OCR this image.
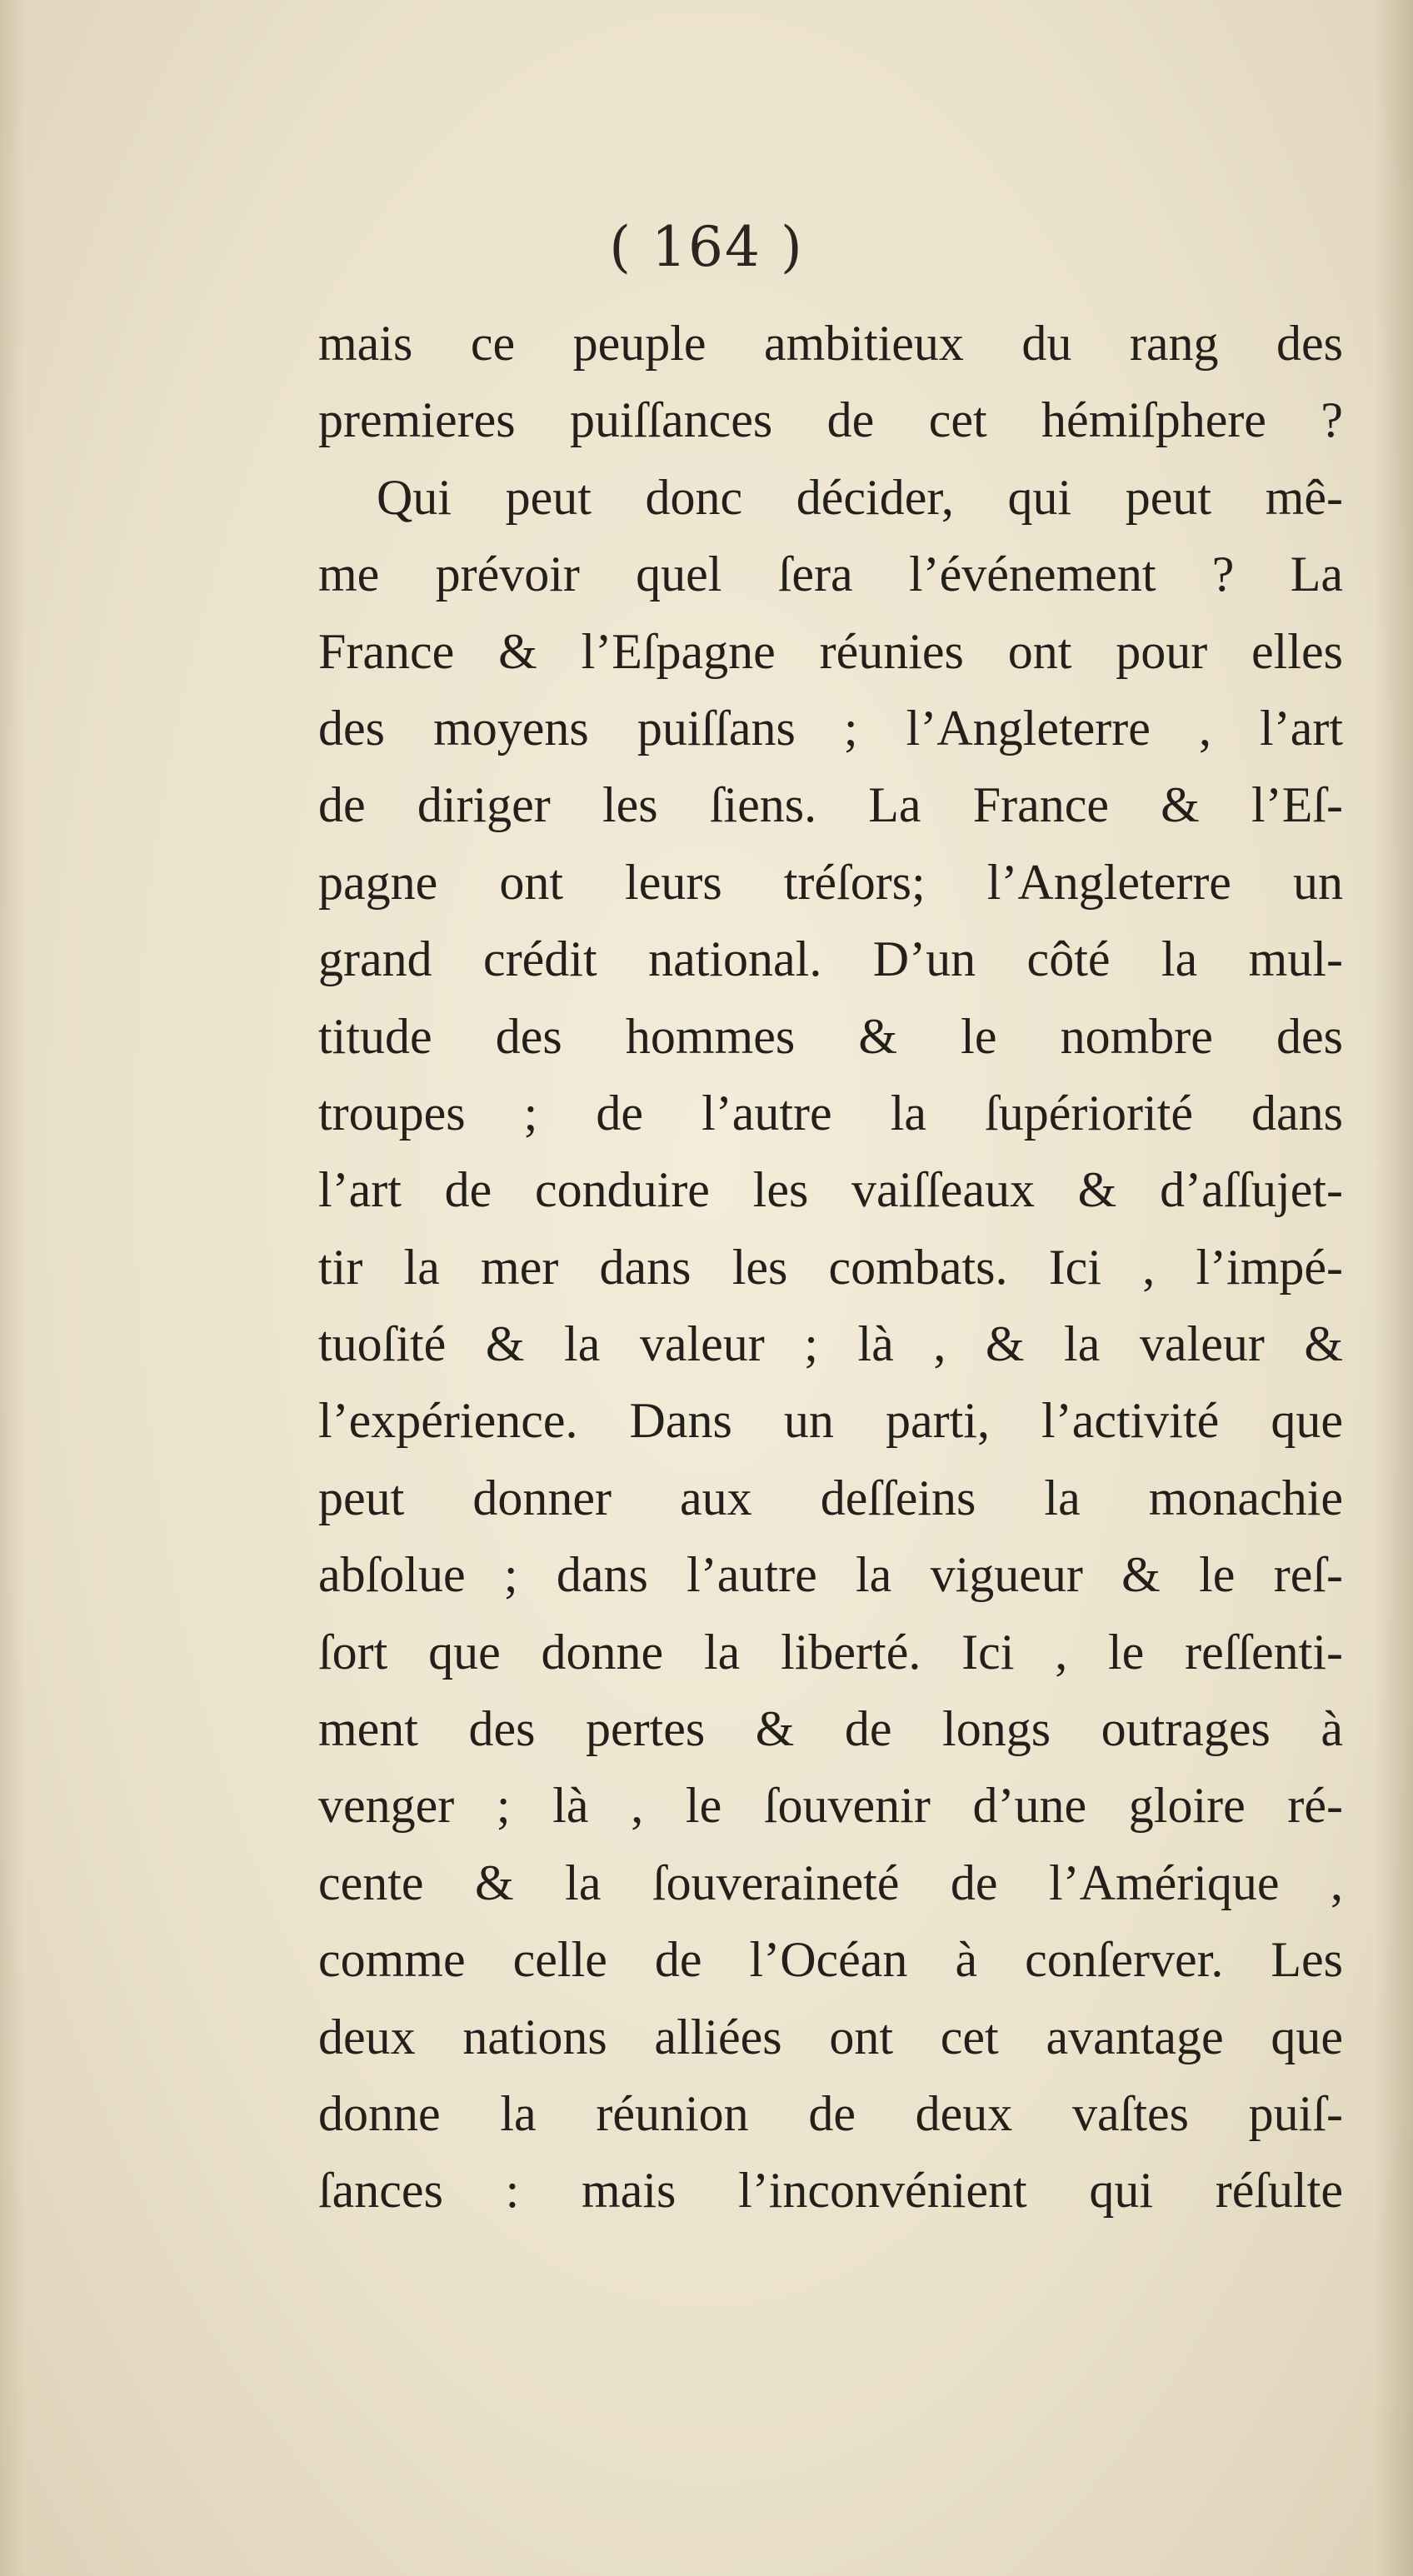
( 164 )
mais ce peuple ambitieux du rang des
premieres puiſſances de cet hémiſphere ?
Qui peut donc décider, qui peut mê-
me prévoir quel ſera l’événement ? La
France & l’Eſpagne réunies ont pour elles
des moyens puiſſans ; l’Angleterre , l’art
de diriger les ſiens. La France & l’Eſ-
pagne ont leurs tréſors; l’Angleterre un
grand crédit national. D’un côté la mul-
titude des hommes & le nombre des
troupes ; de l’autre la ſupériorité dans
l’art de conduire les vaiſſeaux & d’aſſujet-
tir la mer dans les combats. Ici , l’impé-
tuoſité & la valeur ; là , & la valeur &
l’expérience. Dans un parti, l’activité que
peut donner aux deſſeins la monachie
abſolue ; dans l’autre la vigueur & le reſ-
ſort que donne la liberté. Ici , le reſſenti-
ment des pertes & de longs outrages à
venger ; là , le ſouvenir d’une gloire ré-
cente & la ſouveraineté de l’Amérique ,
comme celle de l’Océan à conſerver. Les
deux nations alliées ont cet avantage que
donne la réunion de deux vaſtes puiſ-
ſances : mais l’inconvénient qui réſulte
